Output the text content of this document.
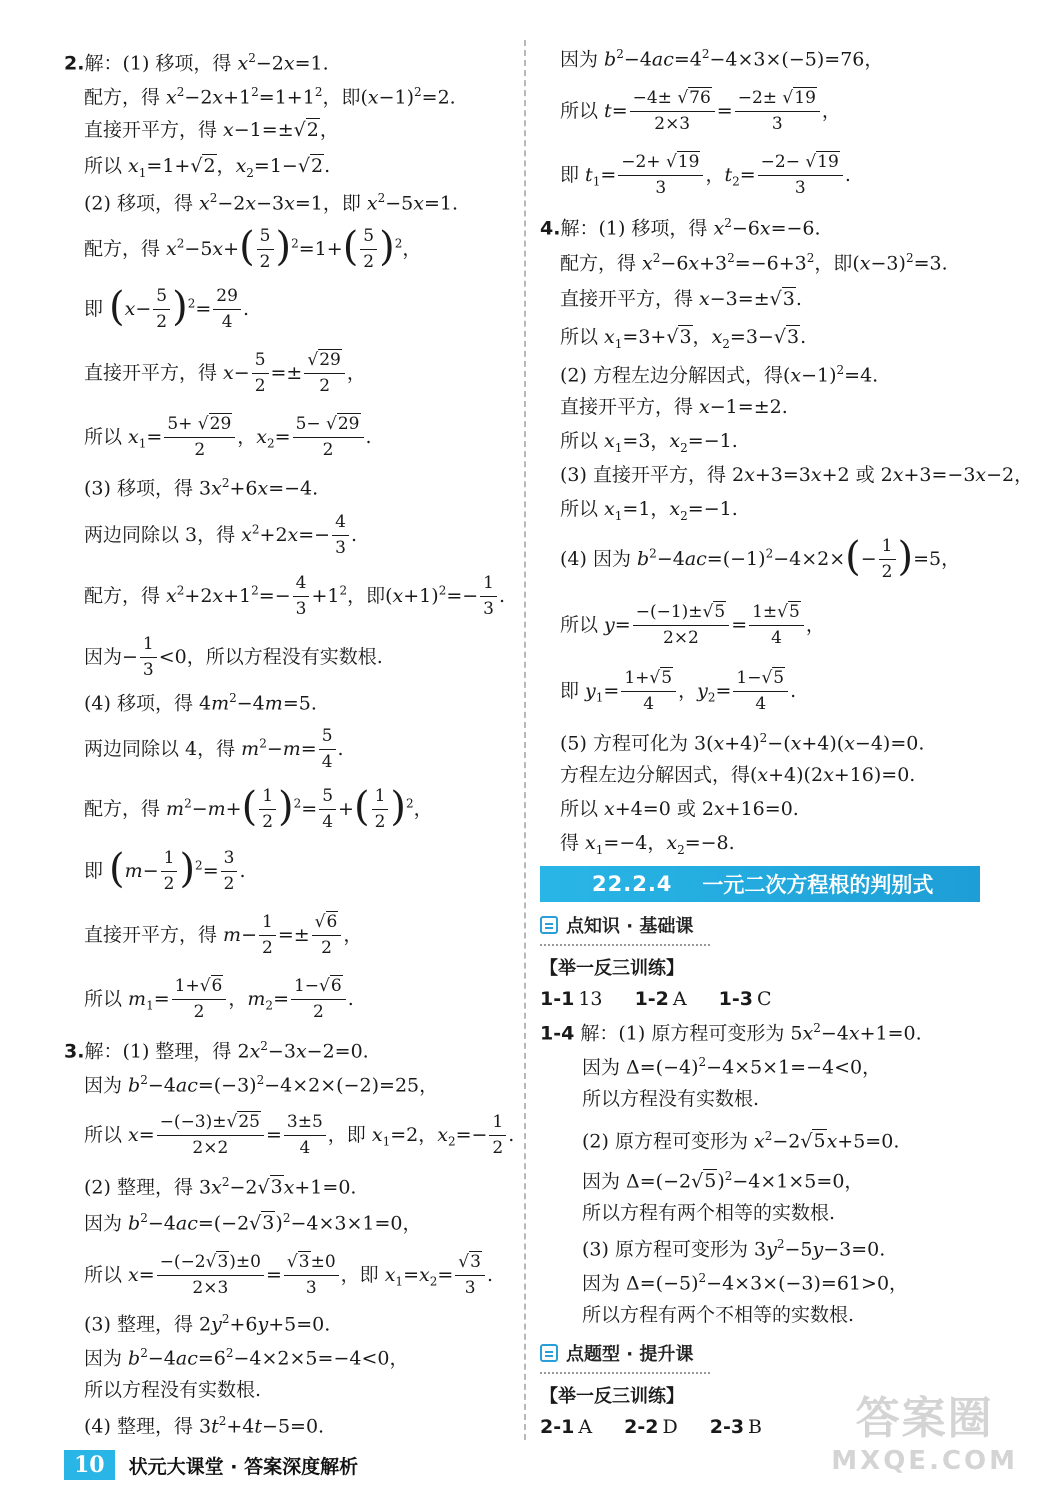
2.解：(1) 移项，得 $x^2-2x=1$.
配方，得 $x^2-2x+1^2=1+1^2$，即$(x-1)^2=2$.
直接开平方，得 x−1=±√2，
所以 $x_1=1+√2$，$x_2=1-√2$.
(2) 移项，得 $x^2-2x-3x=1$，即 $x^2-5x=1$.
配方，得 $x^2-5x+( \frac{5}{2} )^2=1+( \frac{5}{2} )^2$，
即 $(x- \frac{5}{2} )^2= \frac{29}{4}$ .
直接开平方，得 $x- \frac{5}{2} =\pm \frac{√29}{2}$ ，
所以 $x_1= \frac{5+ √29}{2}$ ，$x_2= \frac{5- √29}{2}$ .
(3) 移项，得 $3x^2+6x=-4$.
两边同除以 3，得 $x^2+2x=- \frac{4}{3}$ .
配方，得 $x^2+2x+1^2=- \frac{4}{3} +1^2$，即$(x+1)^2=- \frac{1}{3}$ .
因为− $\frac{1}{3} <0$，所以方程没有实数根.
(4) 移项，得 $4m^2-4m=5$.
两边同除以 4，得 $m^2-m= \frac{5}{4}$ .
配方，得 $m^2-m+( \frac{1}{2} )^2= \frac{5}{4}$ +( $\frac{1}{2} )^2$，
即 $(m- \frac{1}{2} )^2= \frac{3}{2}$ .
直接开平方，得 $m- \frac{1}{2} =\pm \frac{√6}{2}$ ，
所以 $m_1= \frac{1+√6}{2}$ ，$m_2= \frac{1-√6}{2}$ .
3.解：(1) 整理，得 $2x^2-3x-2=0$.
因为 $b^2-4ac=(-3)^2-4\times 2\times(-2)=25$，
所以 $x= \frac{-(-3)\pm√25}{2\times 2} = \frac{3\pm 5}{4}$ ，即 $x_1=2$，$x_2=- \frac{1}{2}$ .
(2) 整理，得 $3x^2-2√3x+1=0$.
因为 $b^2-4ac=(-2√3)^2-4\times 3\times 1=0$，
所以 $x= \frac{-(-2√3)\pm 0}{2\times 3} = \frac{√3\pm 0}{3}$ ，即 $x_1=x_2= \frac{√3}{3}$ .
(3) 整理，得 $2y^2+6y+5=0$.
因为 $b^2-4ac=6^2-4\times 2\times 5=-4<0$，
所以方程没有实数根.
(4) 整理，得 $3t^2+4t-5=0$.
因为 $b^2-4ac=4^2-4\times 3\times(-5)=76$，
所以 $t= \frac{-4\pm √76}{2\times 3} = \frac{-2\pm √19}{3}$ ，
即 $t_1= \frac{-2+ √19}{3}$ ，$t_2= \frac{-2- √19}{3}$ .
4.解：(1) 移项，得 $x^2-6x=-6$.
配方，得 $x^2-6x+3^2=-6+3^2$，即$(x-3)^2=3$.
直接开平方，得 x−3=±√3.
所以 $x_1=3+√3$，$x_2=3-√3$.
(2) 方程左边分解因式，得$(x-1)^2=4$.
直接开平方，得 x−1=±2.
所以 $x_1=3$，$x_2=-1$.
(3) 直接开平方，得 2x+3=3x+2 或 2x+3=−3x−2，
所以 $x_1=1$，$x_2=-1$.
(4) 因为 $b^2-4ac=(-1)^2-4\times 2\times(- \frac{1}{2} )=5$，
所以 $y= \frac{-(-1)\pm√5}{2\times 2} = \frac{1\pm√5}{4}$ ，
即 $y_1= \frac{1+√5}{4}$ ，$y_2= \frac{1-√5}{4}$ .
(5) 方程可化为 $3(x+4)^2-(x+4)(x-4)=0$.
方程左边分解因式，得(x+4)(2x+16)=0.
所以 x+4=0 或 2x+16=0.
得 $x_1=-4$，$x_2=-8$.
22.2.4 一元二次方程根的判别式
点知识 · 基础课
【举一反三训练】
1-1 13 1-2 A 1-3 C
1-4 解：(1) 原方程可变形为 $5x^2-4x+1=0$.
因为 $\Delta=(-4)^2-4\times 5\times 1=-4<0$，
所以方程没有实数根.
(2) 原方程可变形为 $x^2-2√5x+5=0$.
因为 $\Delta=(-2√5)^2-4\times 1\times 5=0$，
所以方程有两个相等的实数根.
(3) 原方程可变形为 $3y^2-5y-3=0$.
因为 $\Delta=(-5)^2-4\times 3\times(-3)=61>0$，
所以方程有两个不相等的实数根.
点题型 · 提升课
【举一反三训练】
2-1 A 2-2 D 2-3 B
10	状元大课堂 · 答案深度解析
答案圈
MXQE.COM
